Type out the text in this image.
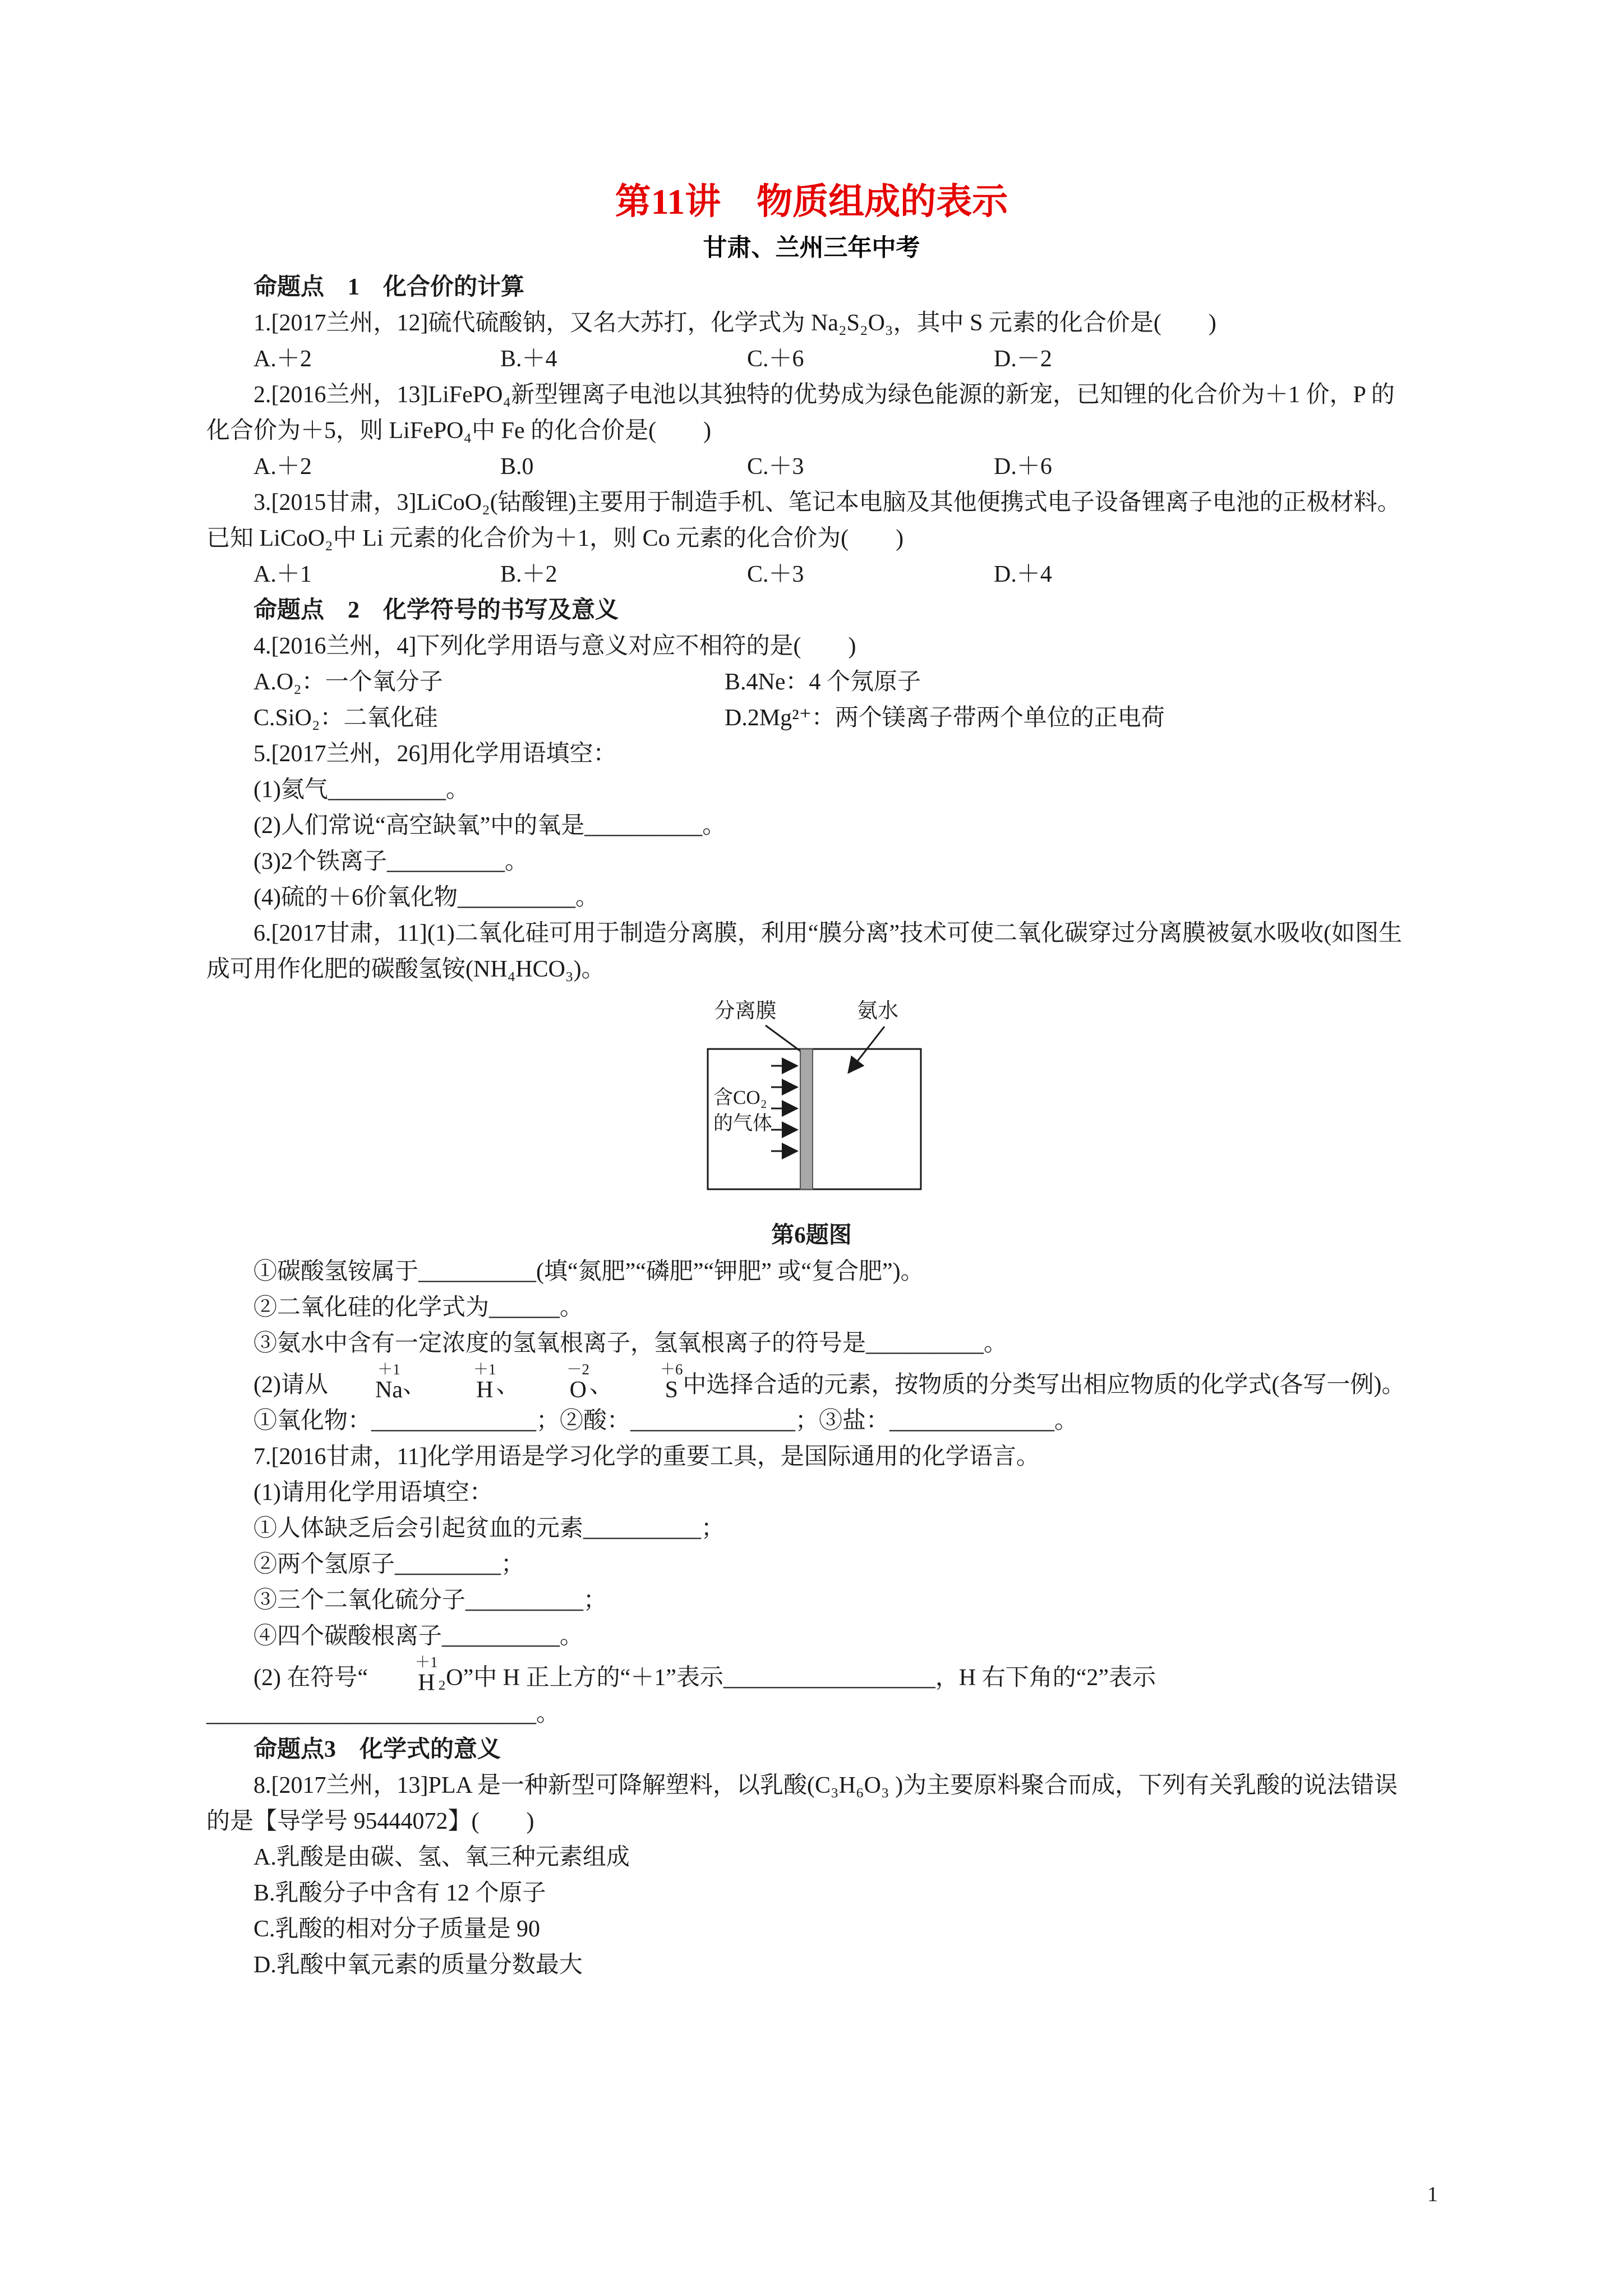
第11讲　物质组成的表示
甘肃、兰州三年中考

命题点　1　化合价的计算

1.[2017兰州，12]硫代硫酸钠，又名大苏打，化学式为 Na₂S₂O₃，其中 S 元素的化合价是(　　)

A.＋2	B.＋4	C.＋6	D.－2

2.[2016兰州，13]LiFePO₄新型锂离子电池以其独特的优势成为绿色能源的新宠，已知锂的化合价为＋1 价，P 的化合价为＋5，则 LiFePO₄中 Fe 的化合价是(　　)

A.＋2	B.0	C.＋3	D.＋6

3.[2015甘肃，3]LiCoO₂(钴酸锂)主要用于制造手机、笔记本电脑及其他便携式电子设备锂离子电池的正极材料。已知 LiCoO₂中 Li 元素的化合价为＋1，则 Co 元素的化合价为(　　)

A.＋1	B.＋2	C.＋3	D.＋4

命题点　2　化学符号的书写及意义

4.[2016兰州，4]下列化学用语与意义对应不相符的是(　　)

A.O₂：一个氧分子	B.4Ne：4 个氖原子
C.SiO₂：二氧化硅	D.2Mg²⁺：两个镁离子带两个单位的正电荷

5.[2017兰州，26]用化学用语填空：

(1)氦气__________。

(2)人们常说“高空缺氧”中的氧是__________。

(3)2个铁离子__________。

(4)硫的＋6价氧化物__________。

6.[2017甘肃，11](1)二氧化硅可用于制造分离膜，利用“膜分离”技术可使二氧化碳穿过分离膜被氨水吸收(如图生成可用作化肥的碳酸氢铵(NH₄HCO₃)。

分离膜	氨水
含CO₂
的气体
第6题图

①碳酸氢铵属于__________(填“氮肥”“磷肥”“钾肥” 或“复合肥”)。

②二氧化硅的化学式为______。

③氨水中含有一定浓度的氢氧根离子，氢氧根离子的符号是__________。

(2)请从
＋1
Na 、
＋1
H 、
－2
O 、
＋6
S 中选择合适的元素，按物质的分类写出相应物质的化学式(各写一例)。

①氧化物：______________；②酸：______________；③盐：______________。

7.[2016甘肃，11]化学用语是学习化学的重要工具，是国际通用的化学语言。

(1)请用化学用语填空：

①人体缺乏后会引起贫血的元素__________；

②两个氢原子_________；

③三个二氧化硫分子__________；

④四个碳酸根离子__________。

(2) 在符号“
＋1
H ₂O”中 H 正上方的“＋1”表示__________________，H 右下角的“2”表示

____________________________。

命题点3　化学式的意义

8.[2017兰州，13]PLA 是一种新型可降解塑料，以乳酸(C₃H₆O₃ )为主要原料聚合而成，下列有关乳酸的说法错误的是【导学号 95444072】(　　)

A.乳酸是由碳、氢、氧三种元素组成

B.乳酸分子中含有 12 个原子

C.乳酸的相对分子质量是 90

D.乳酸中氧元素的质量分数最大

1
